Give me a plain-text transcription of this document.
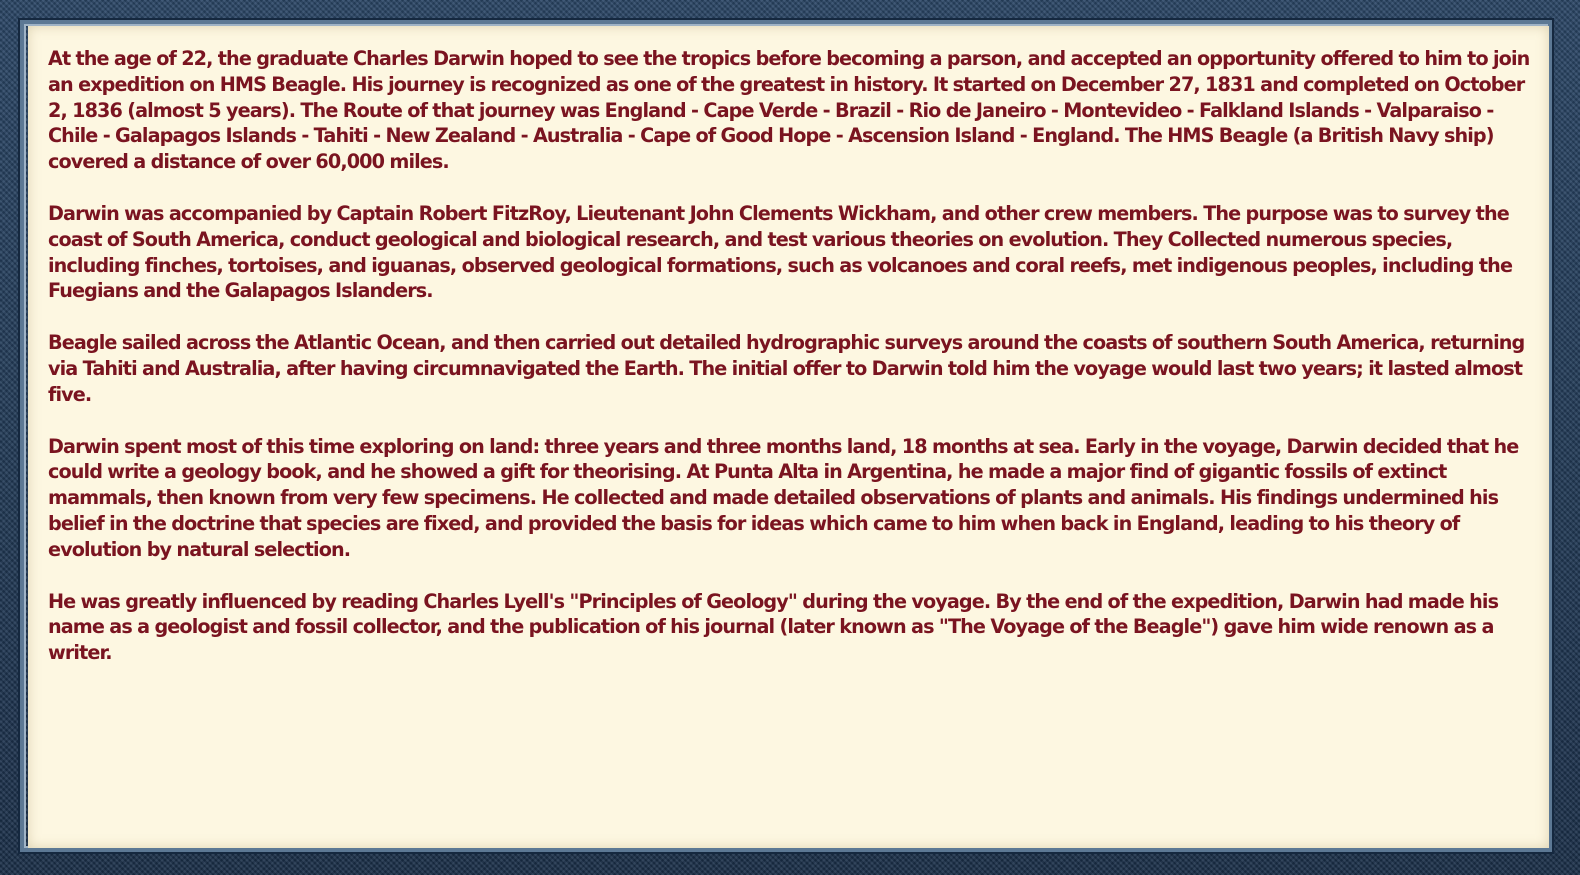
At the age of 22, the graduate Charles Darwin hoped to see the tropics before becoming a parson, and accepted an opportunity offered to him to join an expedition on HMS Beagle. His journey is recognized as one of the greatest in history. It started on December 27, 1831 and completed on October 2, 1836 (almost 5 years). The Route of that journey was England - Cape Verde - Brazil - Rio de Janeiro - Montevideo - Falkland Islands - Valparaiso - Chile - Galapagos Islands - Tahiti - New Zealand - Australia - Cape of Good Hope - Ascension Island - England. The HMS Beagle (a British Navy ship) covered a distance of over 60,000 miles.

Darwin was accompanied by Captain Robert FitzRoy, Lieutenant John Clements Wickham, and other crew members. The purpose was to survey the coast of South America, conduct geological and biological research, and test various theories on evolution. They Collected numerous species, including finches, tortoises, and iguanas, observed geological formations, such as volcanoes and coral reefs, met indigenous peoples, including the Fuegians and the Galapagos Islanders.

Beagle sailed across the Atlantic Ocean, and then carried out detailed hydrographic surveys around the coasts of southern South America, returning via Tahiti and Australia, after having circumnavigated the Earth. The initial offer to Darwin told him the voyage would last two years; it lasted almost five.

Darwin spent most of this time exploring on land: three years and three months land, 18 months at sea. Early in the voyage, Darwin decided that he could write a geology book, and he showed a gift for theorising. At Punta Alta in Argentina, he made a major find of gigantic fossils of extinct mammals, then known from very few specimens. He collected and made detailed observations of plants and animals. His findings undermined his belief in the doctrine that species are fixed, and provided the basis for ideas which came to him when back in England, leading to his theory of evolution by natural selection.

He was greatly influenced by reading Charles Lyell's "Principles of Geology" during the voyage. By the end of the expedition, Darwin had made his name as a geologist and fossil collector, and the publication of his journal (later known as "The Voyage of the Beagle") gave him wide renown as a writer.
